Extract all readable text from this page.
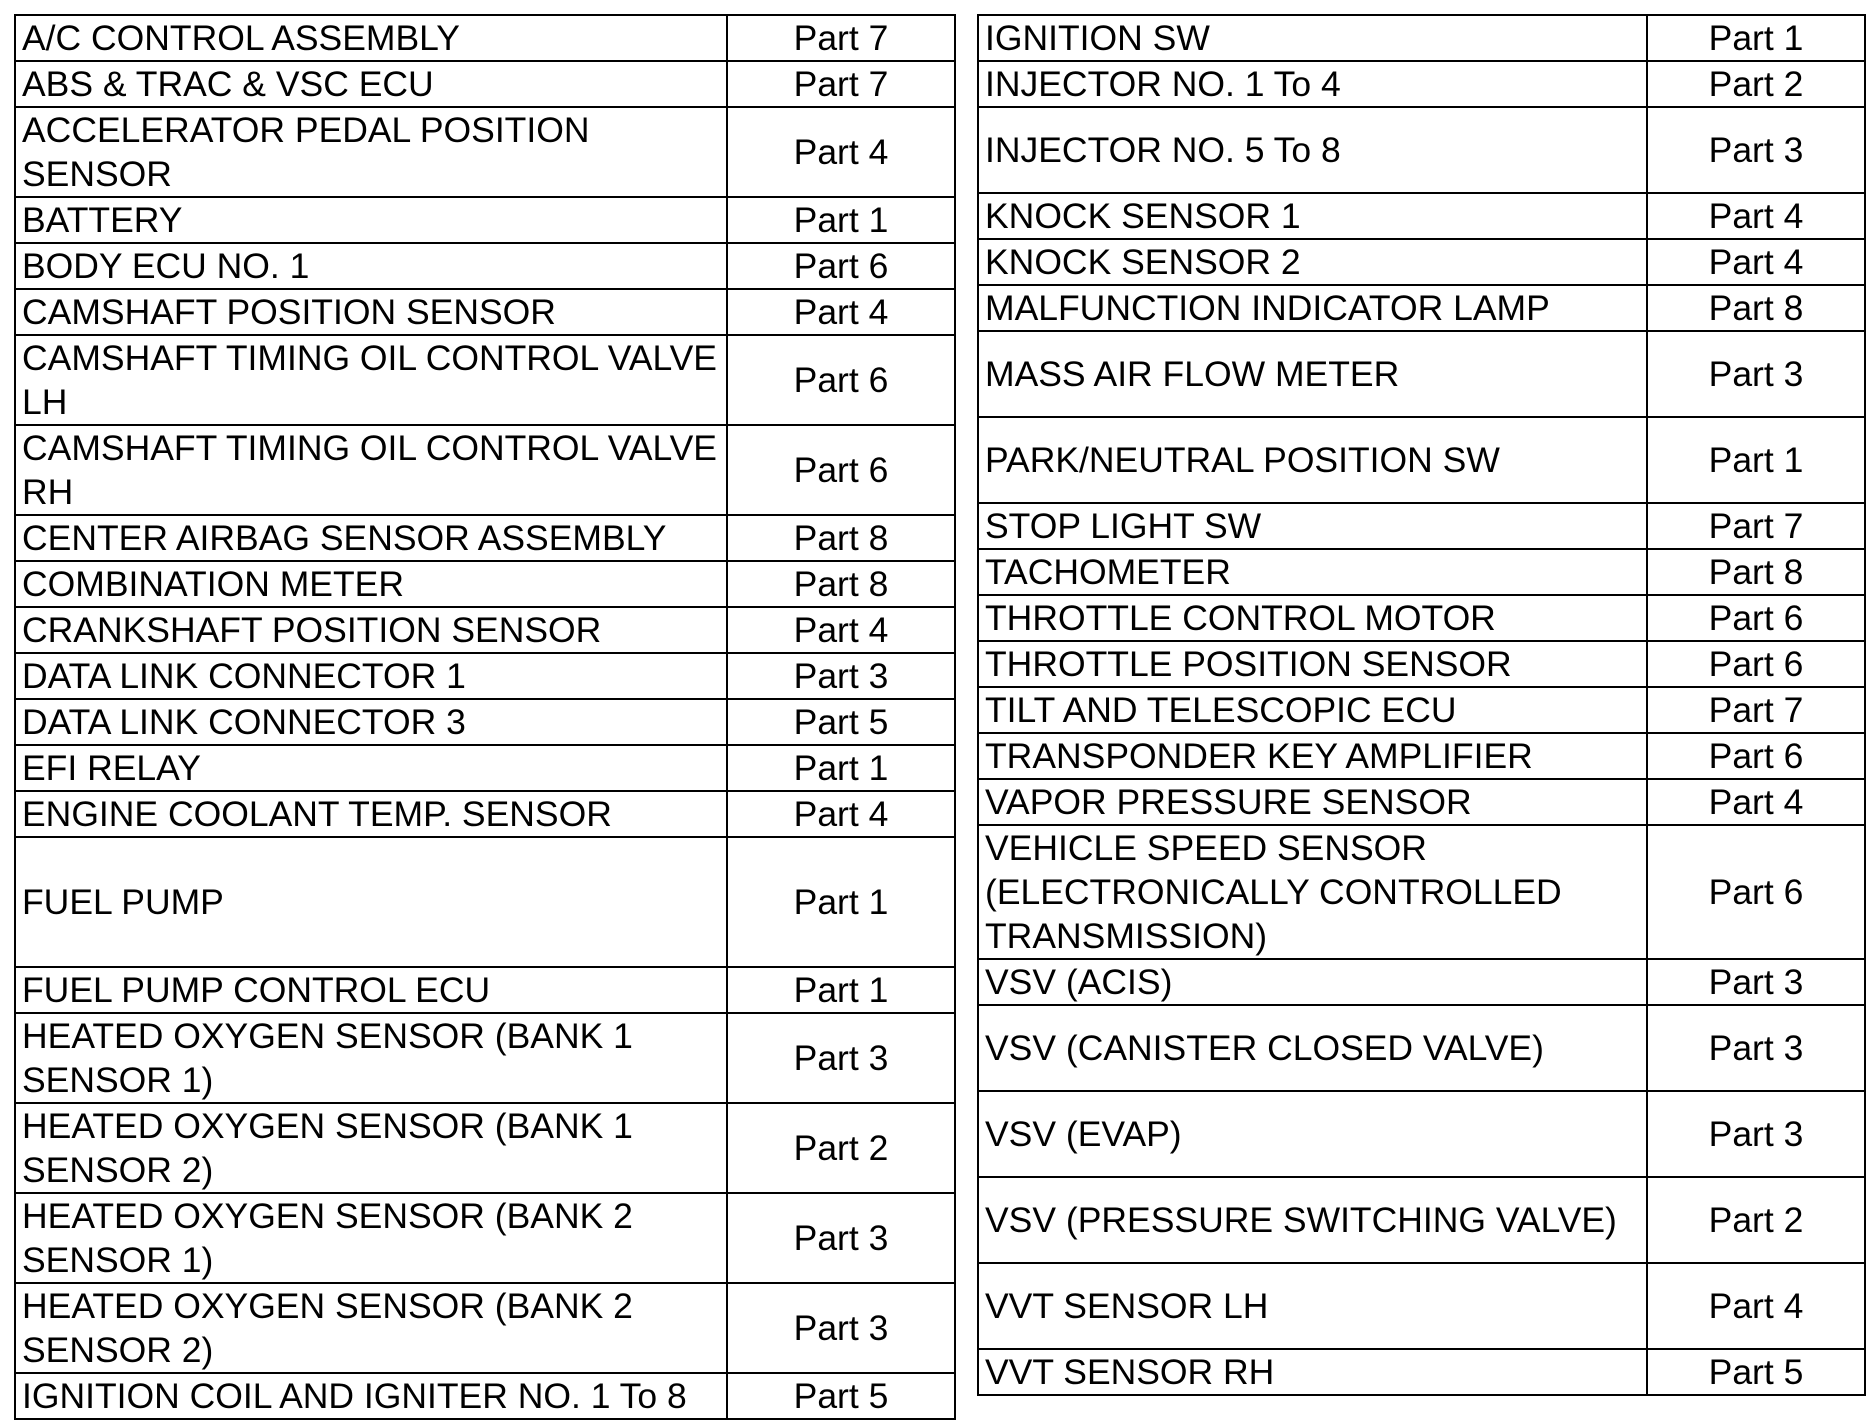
A/C CONTROL ASSEMBLY	Part 7
ABS & TRAC & VSC ECU	Part 7
ACCELERATOR PEDAL POSITION SENSOR	Part 4
BATTERY	Part 1
BODY ECU NO. 1	Part 6
CAMSHAFT POSITION SENSOR	Part 4
CAMSHAFT TIMING OIL CONTROL VALVE LH	Part 6
CAMSHAFT TIMING OIL CONTROL VALVE RH	Part 6
CENTER AIRBAG SENSOR ASSEMBLY	Part 8
COMBINATION METER	Part 8
CRANKSHAFT POSITION SENSOR	Part 4
DATA LINK CONNECTOR 1	Part 3
DATA LINK CONNECTOR 3	Part 5
EFI RELAY	Part 1
ENGINE COOLANT TEMP. SENSOR	Part 4
FUEL PUMP	Part 1
FUEL PUMP CONTROL ECU	Part 1
HEATED OXYGEN SENSOR (BANK 1 SENSOR 1)	Part 3
HEATED OXYGEN SENSOR (BANK 1 SENSOR 2)	Part 2
HEATED OXYGEN SENSOR (BANK 2 SENSOR 1)	Part 3
HEATED OXYGEN SENSOR (BANK 2 SENSOR 2)	Part 3
IGNITION COIL AND IGNITER NO. 1 To 8	Part 5
IGNITION SW	Part 1
INJECTOR NO. 1 To 4	Part 2
INJECTOR NO. 5 To 8	Part 3
KNOCK SENSOR 1	Part 4
KNOCK SENSOR 2	Part 4
MALFUNCTION INDICATOR LAMP	Part 8
MASS AIR FLOW METER	Part 3
PARK/NEUTRAL POSITION SW	Part 1
STOP LIGHT SW	Part 7
TACHOMETER	Part 8
THROTTLE CONTROL MOTOR	Part 6
THROTTLE POSITION SENSOR	Part 6
TILT AND TELESCOPIC ECU	Part 7
TRANSPONDER KEY AMPLIFIER	Part 6
VAPOR PRESSURE SENSOR	Part 4
VEHICLE SPEED SENSOR (ELECTRONICALLY CONTROLLED TRANSMISSION)	Part 6
VSV (ACIS)	Part 3
VSV (CANISTER CLOSED VALVE)	Part 3
VSV (EVAP)	Part 3
VSV (PRESSURE SWITCHING VALVE)	Part 2
VVT SENSOR LH	Part 4
VVT SENSOR RH	Part 5
